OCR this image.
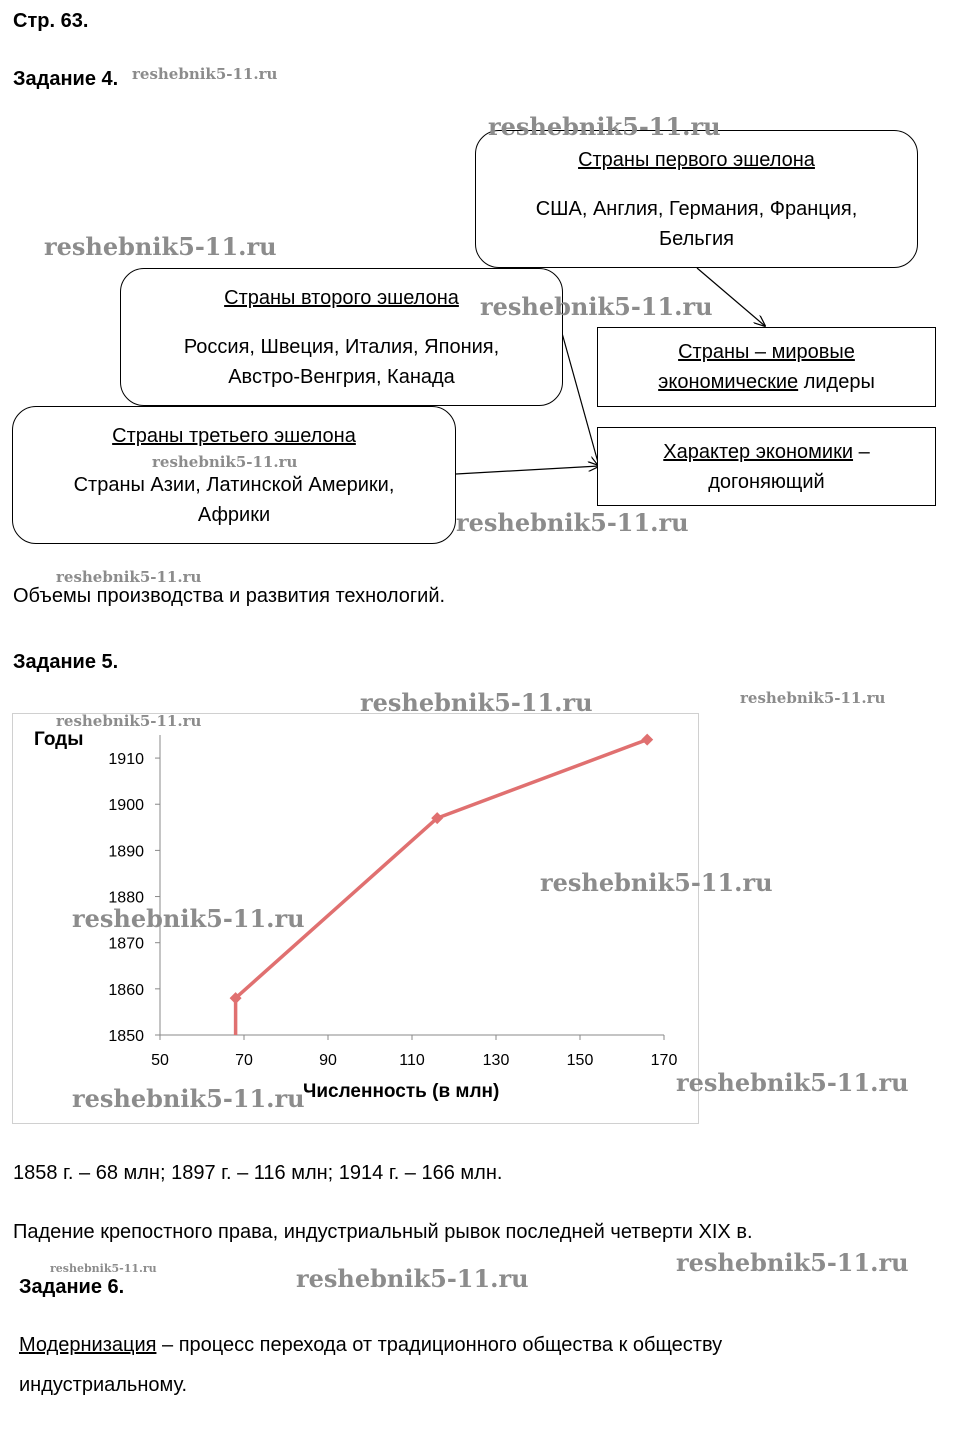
Стр. 63.
Задание 4.
Страны первого эшелона
США, Англия, Германия, Франция,
Бельгия
Страны второго эшелона
Россия, Швеция, Италия, Япония,
Австро-Венгрия, Канада
Страны третьего эшелона
Страны Азии, Латинской Америки,
Африки
Страны – мировые
экономические лидеры
Характер экономики –
догоняющий
Объемы производства и развития технологий.
Задание 5.
Годы
Численность (в млн)
1850
1860
1870
1880
1890
1900
1910
50	70	90	110	130	150	170
1858 г. – 68 млн; 1897 г. – 116 млн; 1914 г. – 166 млн.
Падение крепостного права, индустриальный рывок последней четверти XIX в.
Задание 6.
Модернизация – процесс перехода от традиционного общества к обществу
индустриальному.
reshebnik5-11.ru
reshebnik5-11.ru
reshebnik5-11.ru
reshebnik5-11.ru
reshebnik5-11.ru
reshebnik5-11.ru
reshebnik5-11.ru
reshebnik5-11.ru	reshebnik5-11.ru
reshebnik5-11.ru
reshebnik5-11.ru
reshebnik5-11.ru
reshebnik5-11.ru
reshebnik5-11.ru
reshebnik5-11.ru
reshebnik5-11.ru
reshebnik5-11.ru
